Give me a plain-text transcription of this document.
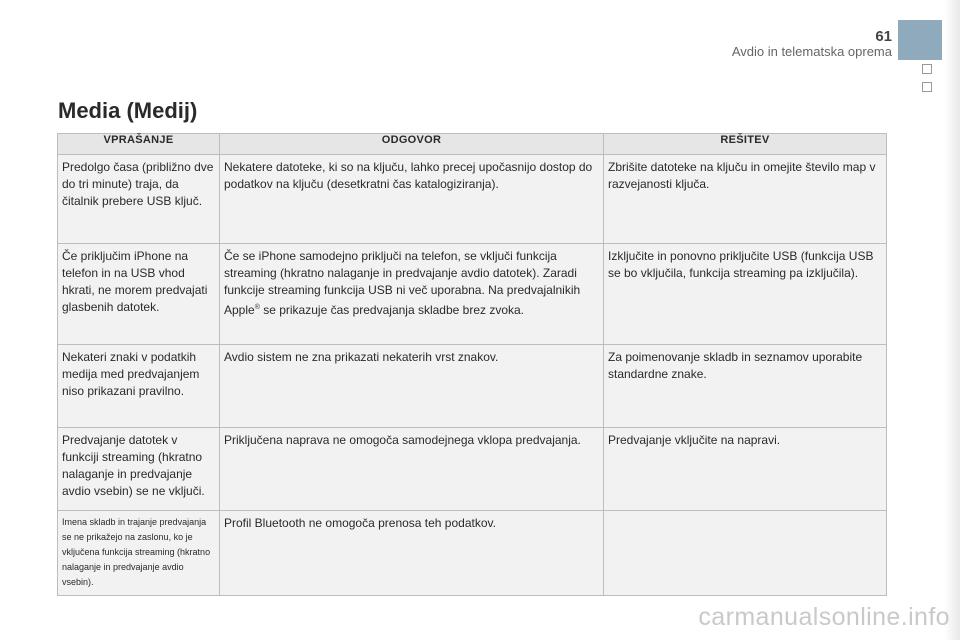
61
Avdio in telematska oprema
Media (Medij)
VPRAŠANJE	ODGOVOR	REŠITEV
Predolgo časa (približno dve do tri minute) traja, da čitalnik prebere USB ključ.	Nekatere datoteke, ki so na ključu, lahko precej upočasnijo dostop do podatkov na ključu (desetkratni čas katalogiziranja).	Zbrišite datoteke na ključu in omejite število map v razvejanosti ključa.
Če priključim iPhone na telefon in na USB vhod hkrati, ne morem predvajati glasbenih datotek.	Če se iPhone samodejno priključi na telefon, se vključi funkcija streaming (hkratno nalaganje in predvajanje avdio datotek). Zaradi funkcije streaming funkcija USB ni več uporabna. Na predvajalnikih Apple® se prikazuje čas predvajanja skladbe brez zvoka.	Izključite in ponovno priključite USB (funkcija USB se bo vključila, funkcija streaming pa izključila).
Nekateri znaki v podatkih medija med predvajanjem niso prikazani pravilno.	Avdio sistem ne zna prikazati nekaterih vrst znakov.	Za poimenovanje skladb in seznamov uporabite standardne znake.
Predvajanje datotek v funkciji streaming (hkratno nalaganje in predvajanje avdio vsebin) se ne vključi.	Priključena naprava ne omogoča samodejnega vklopa predvajanja.	Predvajanje vključite na napravi.
Imena skladb in trajanje predvajanja se ne prikažejo na zaslonu, ko je vključena funkcija streaming (hkratno nalaganje in predvajanje avdio vsebin).	Profil Bluetooth ne omogoča prenosa teh podatkov.	
carmanualsonline.info
